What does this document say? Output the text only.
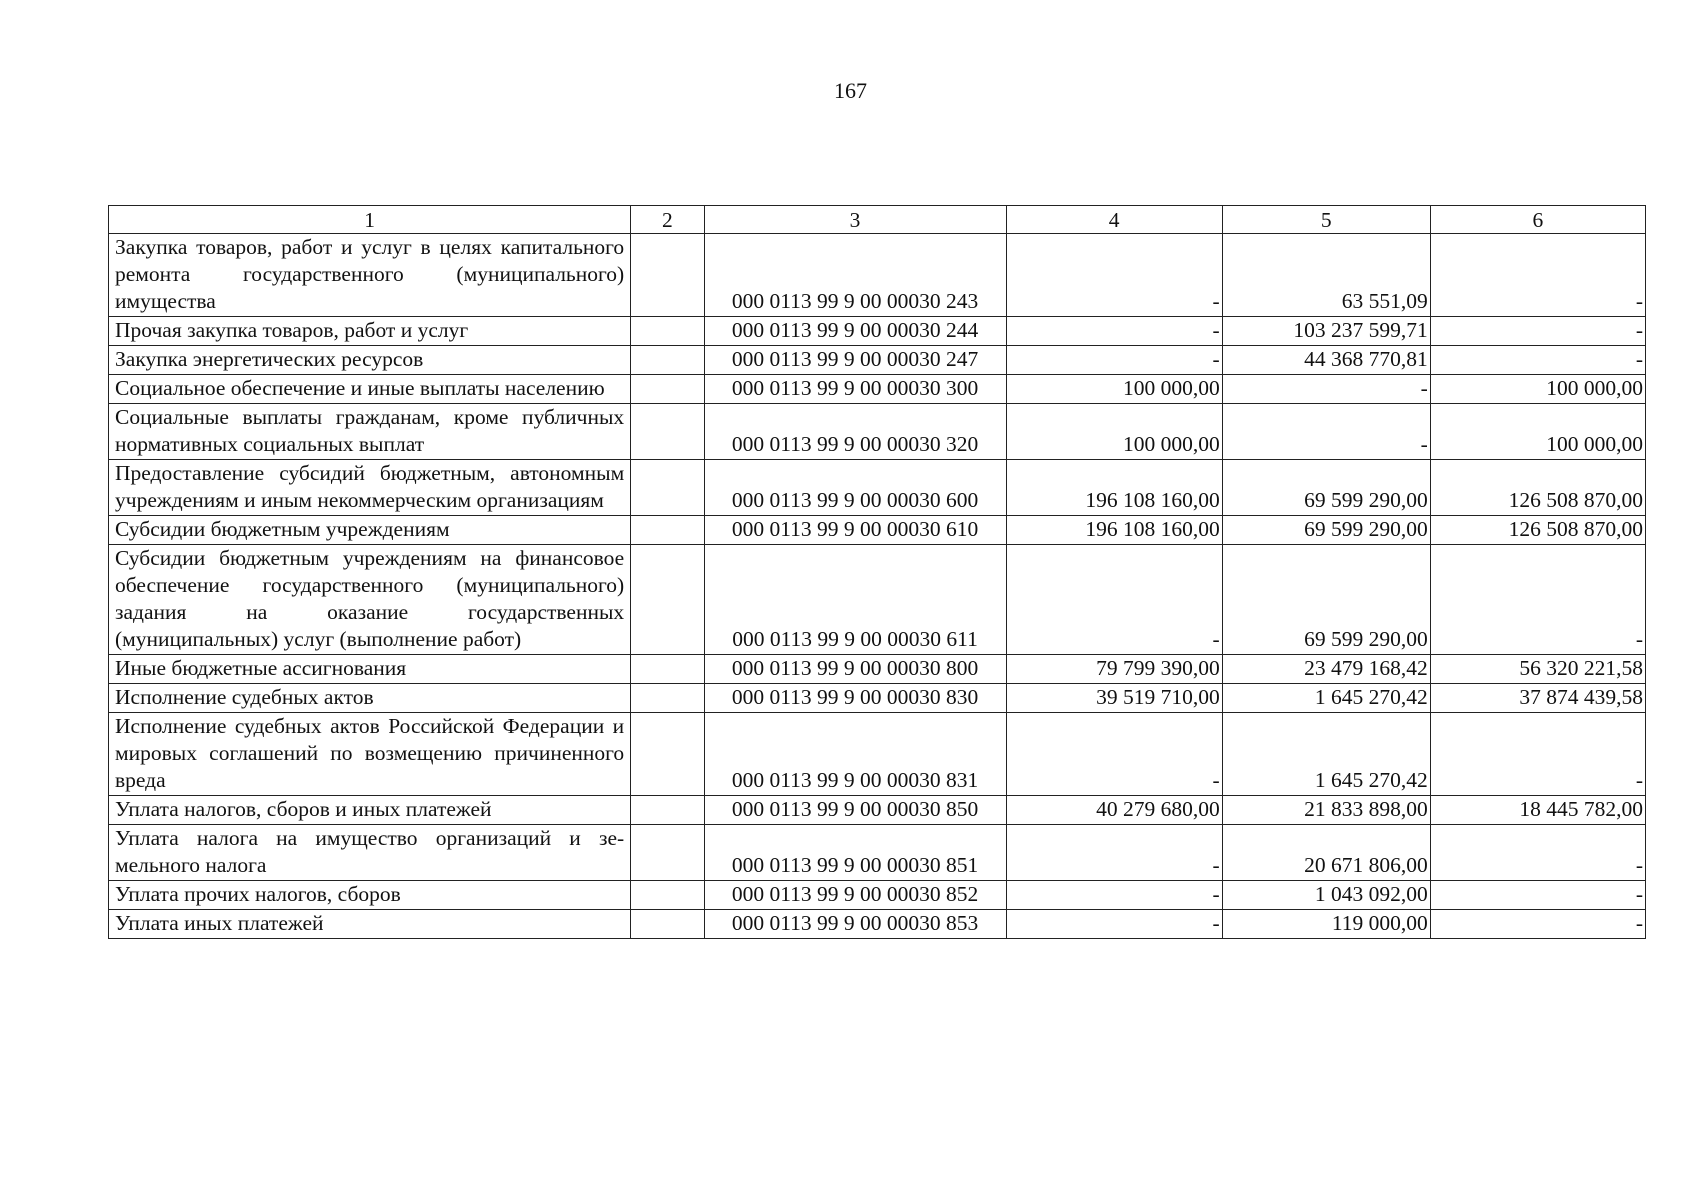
167
1	2	3	4	5	6
Закупка товаров, работ и услуг в целях капитального ремонта государственного (муниципального) имущества		000 0113 99 9 00 00030 243	-	63 551,09	-
Прочая закупка товаров, работ и услуг		000 0113 99 9 00 00030 244	-	103 237 599,71	-
Закупка энергетических ресурсов		000 0113 99 9 00 00030 247	-	44 368 770,81	-
Социальное обеспечение и иные выплаты населению		000 0113 99 9 00 00030 300	100 000,00	-	100 000,00
Социальные выплаты гражданам, кроме публичных нормативных социальных выплат		000 0113 99 9 00 00030 320	100 000,00	-	100 000,00
Предоставление субсидий бюджетным, автономным учреждениям и иным некоммерческим организациям		000 0113 99 9 00 00030 600	196 108 160,00	69 599 290,00	126 508 870,00
Субсидии бюджетным учреждениям		000 0113 99 9 00 00030 610	196 108 160,00	69 599 290,00	126 508 870,00
Субсидии бюджетным учреждениям на финансовое обеспечение государственного (муниципального) задания на оказание государственных (муниципальных) услуг (выполнение работ)		000 0113 99 9 00 00030 611	-	69 599 290,00	-
Иные бюджетные ассигнования		000 0113 99 9 00 00030 800	79 799 390,00	23 479 168,42	56 320 221,58
Исполнение судебных актов		000 0113 99 9 00 00030 830	39 519 710,00	1 645 270,42	37 874 439,58
Исполнение судебных актов Российской Федерации и мировых соглашений по возмещению причиненного вреда		000 0113 99 9 00 00030 831	-	1 645 270,42	-
Уплата налогов, сборов и иных платежей		000 0113 99 9 00 00030 850	40 279 680,00	21 833 898,00	18 445 782,00
Уплата налога на имущество организаций и земельного налога		000 0113 99 9 00 00030 851	-	20 671 806,00	-
Уплата прочих налогов, сборов		000 0113 99 9 00 00030 852	-	1 043 092,00	-
Уплата иных платежей		000 0113 99 9 00 00030 853	-	119 000,00	-
